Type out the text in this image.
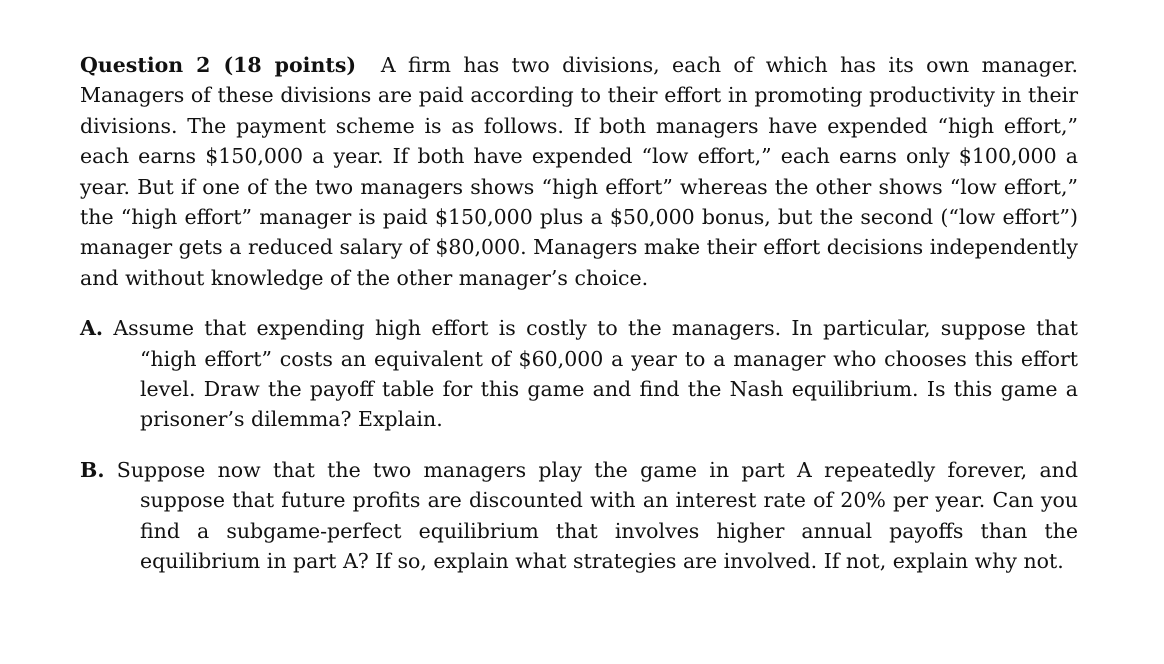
Question 2 (18 points) A firm has two divisions, each of which has its own manager. Managers of these divisions are paid according to their effort in promoting productivity in their divisions. The payment scheme is as follows. If both managers have expended “high effort,” each earns $150,000 a year. If both have expended “low effort,” each earns only $100,000 a year. But if one of the two managers shows “high effort” whereas the other shows “low effort,” the “high effort” manager is paid $150,000 plus a $50,000 bonus, but the second (“low effort”) manager gets a reduced salary of $80,000. Managers make their effort decisions independently and without knowledge of the other manager’s choice.

A. Assume that expending high effort is costly to the managers. In particular, suppose that “high effort” costs an equivalent of $60,000 a year to a manager who chooses this effort level. Draw the payoff table for this game and find the Nash equilibrium. Is this game a prisoner’s dilemma? Explain.

B. Suppose now that the two managers play the game in part A repeatedly forever, and suppose that future profits are discounted with an interest rate of 20% per year. Can you find a subgame-perfect equilibrium that involves higher annual payoffs than the equilibrium in part A? If so, explain what strategies are involved. If not, explain why not.
